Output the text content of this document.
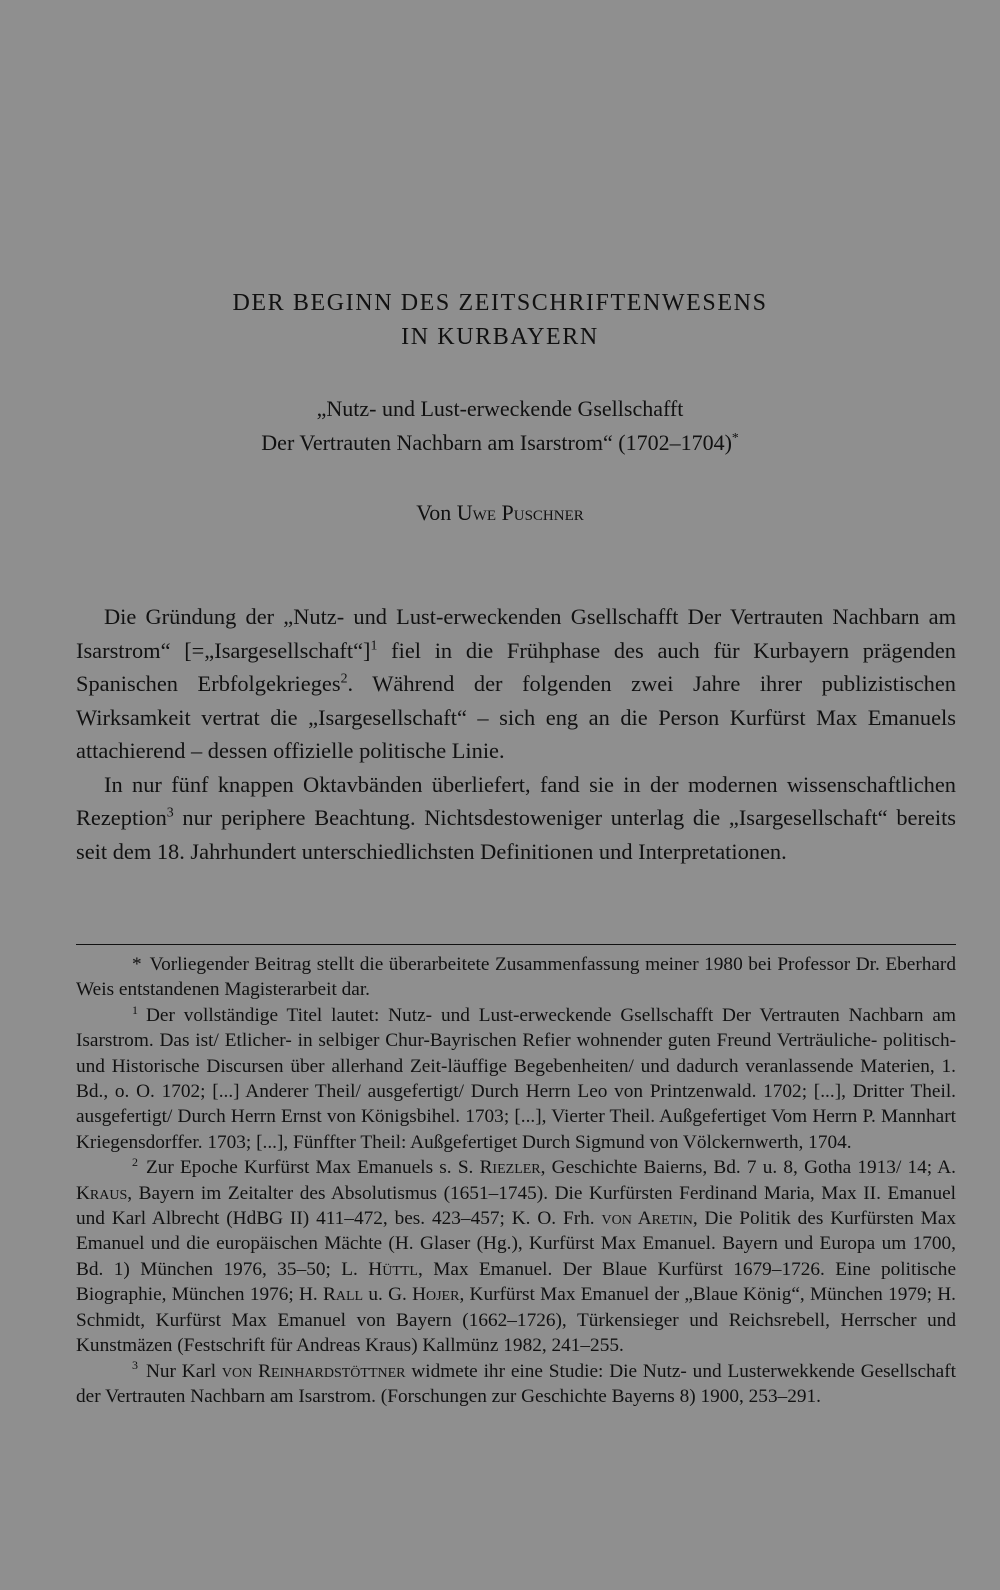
DER BEGINN DES ZEITSCHRIFTENWESENS
IN KURBAYERN
„Nutz- und Lust-erweckende Gsellschafft
Der Vertrauten Nachbarn am Isarstrom“ (1702–1704)*
Von Uwe Puschner

Die Gründung der „Nutz- und Lust-erweckenden Gsellschafft Der Vertrauten Nachbarn am Isarstrom“ [=„Isargesellschaft“]$^1$ fiel in die Frühphase des auch für Kurbayern prägenden Spanischen Erbfolgekrieges$^2$. Während der folgenden zwei Jahre ihrer publizistischen Wirksamkeit vertrat die „Isargesellschaft“ – sich eng an die Person Kurfürst Max Emanuels attachierend – dessen offizielle politische Linie.

In nur fünf knappen Oktavbänden überliefert, fand sie in der modernen wissenschaftlichen Rezeption$^3$ nur periphere Beachtung. Nichtsdestoweniger unterlag die „Isargesellschaft“ bereits seit dem 18. Jahrhundert unterschiedlichsten Definitionen und Interpretationen.

* Vorliegender Beitrag stellt die überarbeitete Zusammenfassung meiner 1980 bei Professor Dr. Eberhard Weis entstandenen Magisterarbeit dar.

$^1$ Der vollständige Titel lautet: Nutz- und Lust-erweckende Gsellschafft Der Vertrauten Nachbarn am Isarstrom. Das ist/ Etlicher- in selbiger Chur-Bayrischen Refier wohnender guten Freund Verträuliche- politisch- und Historische Discursen über allerhand Zeit-läuffige Begebenheiten/ und dadurch veranlassende Materien, 1. Bd., o. O. 1702; [...] Anderer Theil/ ausgefertigt/ Durch Herrn Leo von Printzenwald. 1702; [...], Dritter Theil. ausgefertigt/ Durch Herrn Ernst von Königsbihel. 1703; [...], Vierter Theil. Außgefertiget Vom Herrn P. Mannhart Kriegensdorffer. 1703; [...], Fünffter Theil: Außgefertiget Durch Sigmund von Völckernwerth, 1704.

$^2$ Zur Epoche Kurfürst Max Emanuels s. S. Riezler, Geschichte Baierns, Bd. 7 u. 8, Gotha 1913/ 14; A. Kraus, Bayern im Zeitalter des Absolutismus (1651–1745). Die Kurfürsten Ferdinand Maria, Max II. Emanuel und Karl Albrecht (HdBG II) 411–472, bes. 423–457; K. O. Frh. von Aretin, Die Politik des Kurfürsten Max Emanuel und die europäischen Mächte (H. Glaser (Hg.), Kurfürst Max Emanuel. Bayern und Europa um 1700, Bd. 1) München 1976, 35–50; L. Hüttl, Max Emanuel. Der Blaue Kurfürst 1679–1726. Eine politische Biographie, München 1976; H. Rall u. G. Hojer, Kurfürst Max Emanuel der „Blaue König“, München 1979; H. Schmidt, Kurfürst Max Emanuel von Bayern (1662–1726), Türkensieger und Reichsrebell, Herrscher und Kunstmäzen (Festschrift für Andreas Kraus) Kallmünz 1982, 241–255.

$^3$ Nur Karl von Reinhardstöttner widmete ihr eine Studie: Die Nutz- und Lusterwekkende Gesellschaft der Vertrauten Nachbarn am Isarstrom. (Forschungen zur Geschichte Bayerns 8) 1900, 253–291.
